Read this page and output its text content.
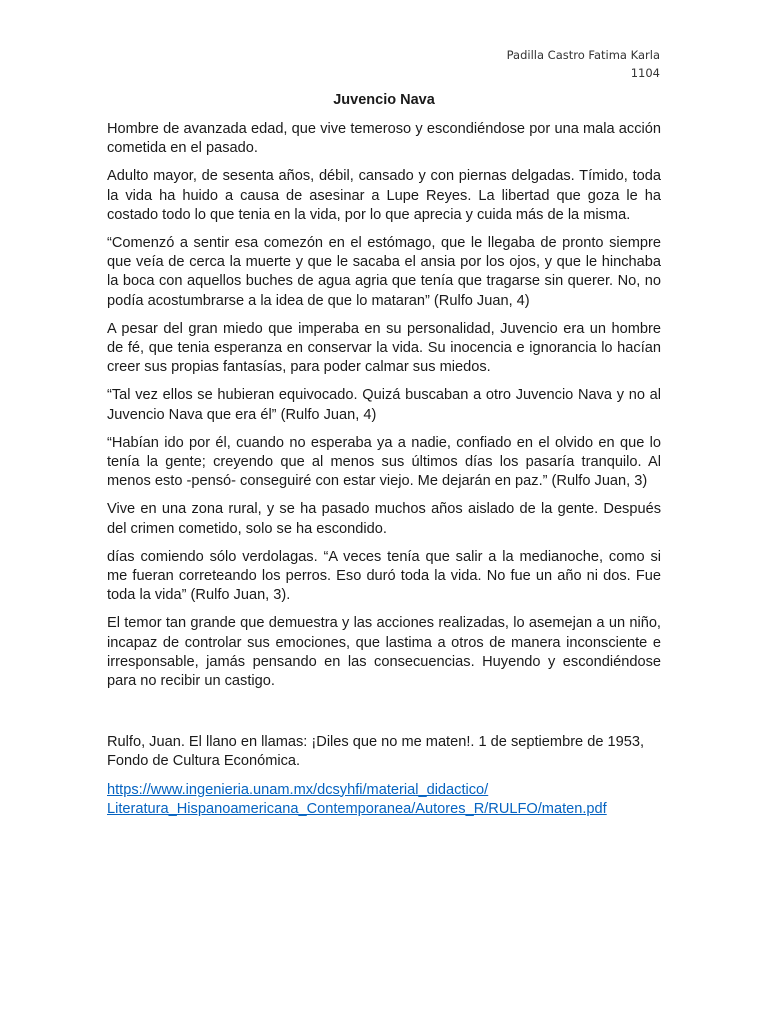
Padilla Castro Fatima Karla
1104
Juvencio Nava

Hombre de avanzada edad, que vive temeroso y escondiéndose por una mala acción cometida en el pasado.

Adulto mayor, de sesenta años, débil, cansado y con piernas delgadas. Tímido, toda la vida ha huido a causa de asesinar a Lupe Reyes. La libertad que goza le ha costado todo lo que tenia en la vida, por lo que aprecia y cuida más de la misma.

“Comenzó a sentir esa comezón en el estómago, que le llegaba de pronto siempre que veía de cerca la muerte y que le sacaba el ansia por los ojos, y que le hinchaba la boca con aquellos buches de agua agria que tenía que tragarse sin querer. No, no podía acostumbrarse a la idea de que lo mataran” (Rulfo Juan, 4)

A pesar del gran miedo que imperaba en su personalidad, Juvencio era un hombre de fé, que tenia esperanza en conservar la vida. Su inocencia e ignorancia lo hacían creer sus propias fantasías, para poder calmar sus miedos.

“Tal vez ellos se hubieran equivocado. Quizá buscaban a otro Juvencio Nava y no al Juvencio Nava que era él” (Rulfo Juan, 4)

“Habían ido por él, cuando no esperaba ya a nadie, confiado en el olvido en que lo tenía la gente; creyendo que al menos sus últimos días los pasaría tranquilo. Al menos esto -pensó- conseguiré con estar viejo. Me dejarán en paz.” (Rulfo Juan, 3)

Vive en una zona rural, y se ha pasado muchos años aislado de la gente. Después del crimen cometido, solo se ha escondido.

días comiendo sólo verdolagas. “A veces tenía que salir a la medianoche, como si me fueran correteando los perros. Eso duró toda la vida. No fue un año ni dos. Fue toda la vida” (Rulfo Juan, 3).

El temor tan grande que demuestra y las acciones realizadas, lo asemejan a un niño, incapaz de controlar sus emociones, que lastima a otros de manera inconsciente e irresponsable, jamás pensando en las consecuencias. Huyendo y escondiéndose para no recibir un castigo.

Rulfo, Juan. El llano en llamas: ¡Diles que no me maten!. 1 de septiembre de 1953, Fondo de Cultura Económica.

https://www.ingenieria.unam.mx/dcsyhfi/material_didactico/
Literatura_Hispanoamericana_Contemporanea/Autores_R/RULFO/maten.pdf
